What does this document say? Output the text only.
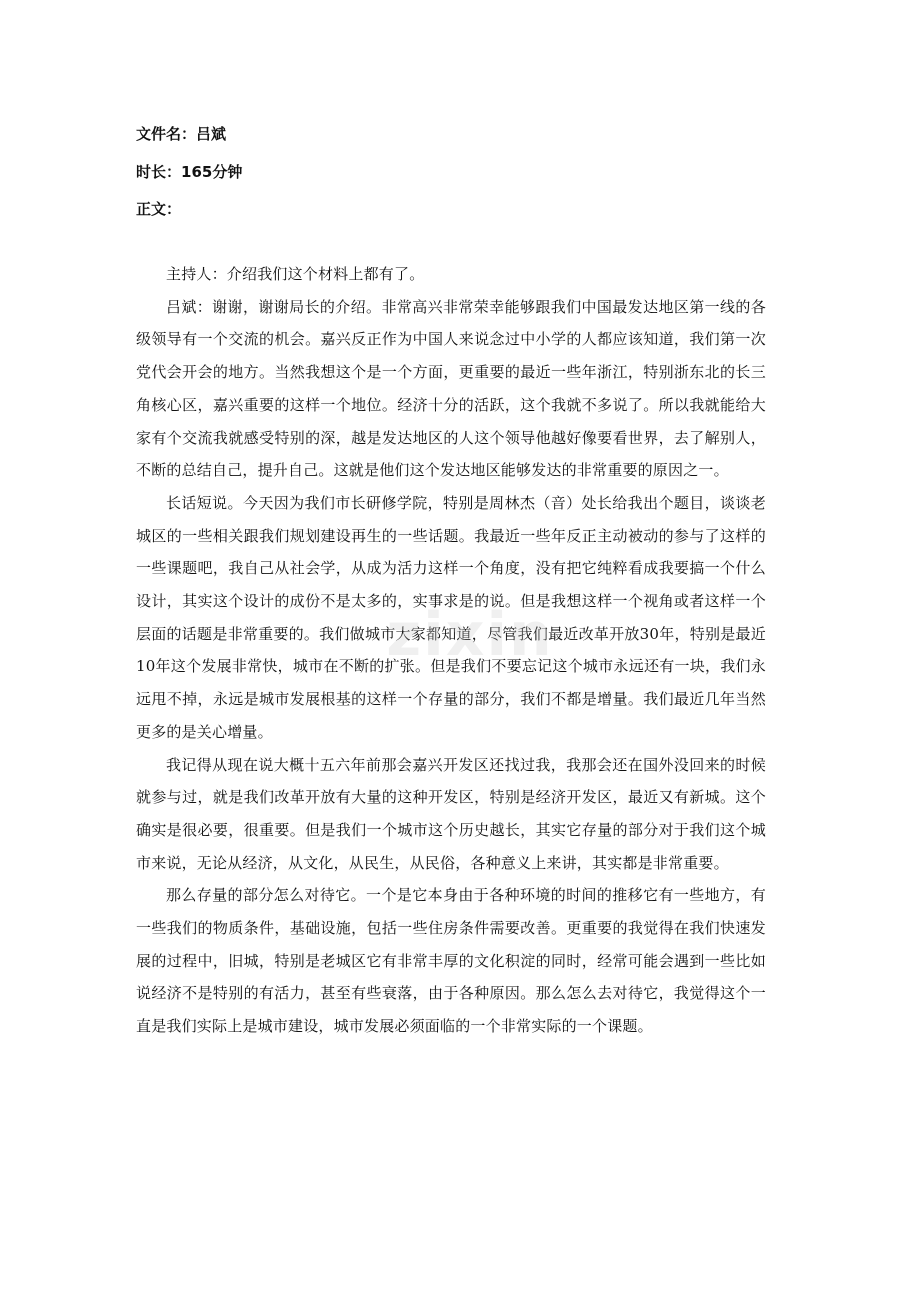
文件名：吕斌
时长：165分钟
正文：

主持人：介绍我们这个材料上都有了。

吕斌：谢谢，谢谢局长的介绍。非常高兴非常荣幸能够跟我们中国最发达地区第一线的各级领导有一个交流的机会。嘉兴反正作为中国人来说念过中小学的人都应该知道，我们第一次党代会开会的地方。当然我想这个是一个方面，更重要的最近一些年浙江，特别浙东北的长三角核心区，嘉兴重要的这样一个地位。经济十分的活跃，这个我就不多说了。所以我就能给大家有个交流我就感受特别的深，越是发达地区的人这个领导他越好像要看世界，去了解别人，不断的总结自己，提升自己。这就是他们这个发达地区能够发达的非常重要的原因之一。

长话短说。今天因为我们市长研修学院，特别是周林杰（音）处长给我出个题目，谈谈老城区的一些相关跟我们规划建设再生的一些话题。我最近一些年反正主动被动的参与了这样的一些课题吧，我自己从社会学，从成为活力这样一个角度，没有把它纯粹看成我要搞一个什么设计，其实这个设计的成份不是太多的，实事求是的说。但是我想这样一个视角或者这样一个层面的话题是非常重要的。我们做城市大家都知道，尽管我们最近改革开放30年，特别是最近10年这个发展非常快，城市在不断的扩张。但是我们不要忘记这个城市永远还有一块，我们永远甩不掉，永远是城市发展根基的这样一个存量的部分，我们不都是增量。我们最近几年当然更多的是关心增量。

我记得从现在说大概十五六年前那会嘉兴开发区还找过我，我那会还在国外没回来的时候就参与过，就是我们改革开放有大量的这种开发区，特别是经济开发区，最近又有新城。这个确实是很必要，很重要。但是我们一个城市这个历史越长，其实它存量的部分对于我们这个城市来说，无论从经济，从文化，从民生，从民俗，各种意义上来讲，其实都是非常重要。

那么存量的部分怎么对待它。一个是它本身由于各种环境的时间的推移它有一些地方，有一些我们的物质条件，基础设施，包括一些住房条件需要改善。更重要的我觉得在我们快速发展的过程中，旧城，特别是老城区它有非常丰厚的文化积淀的同时，经常可能会遇到一些比如说经济不是特别的有活力，甚至有些衰落，由于各种原因。那么怎么去对待它，我觉得这个一直是我们实际上是城市建设，城市发展必须面临的一个非常实际的一个课题。

zixin
